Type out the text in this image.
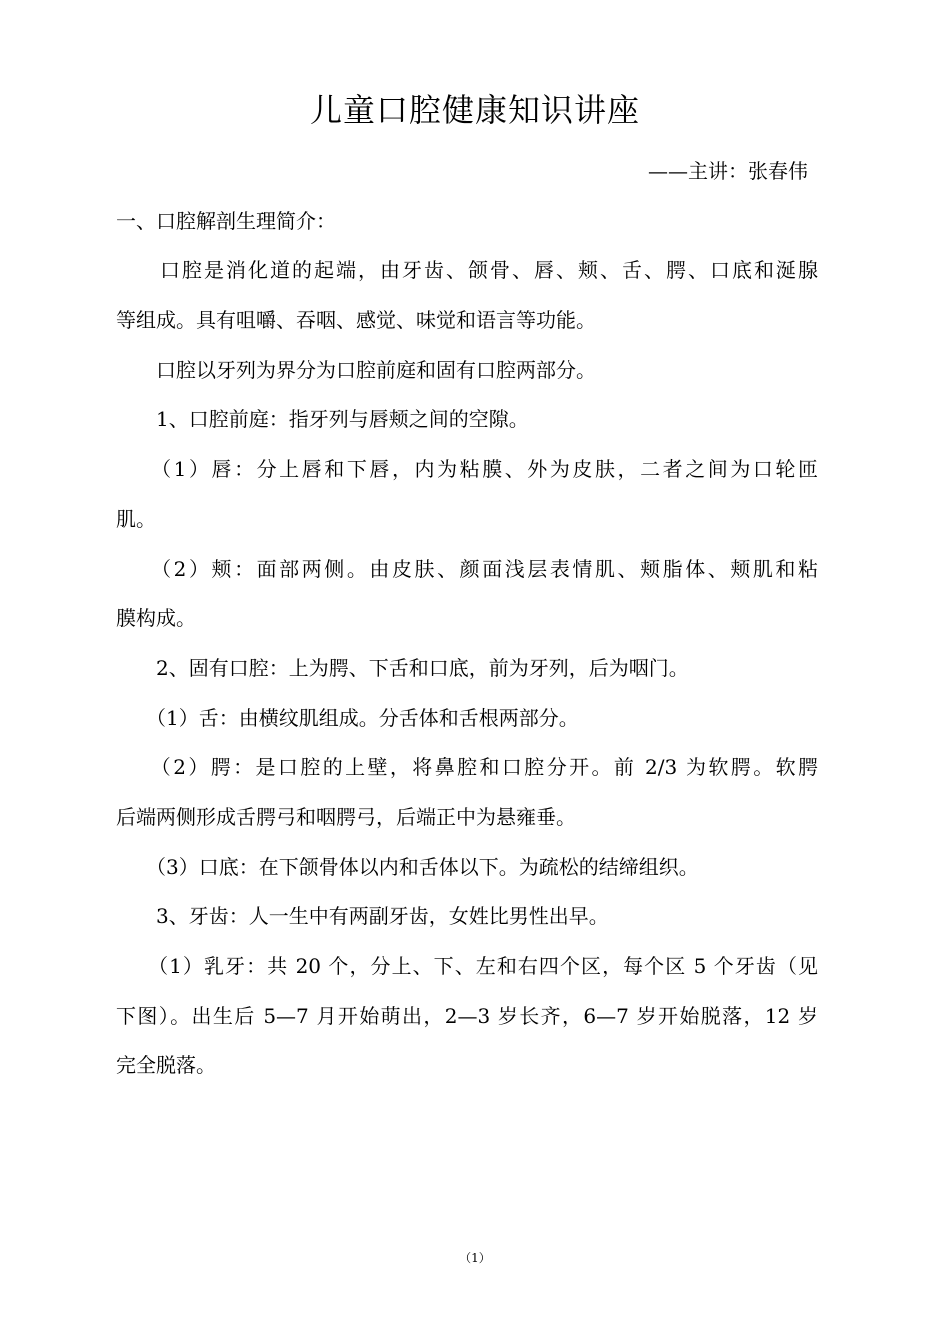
儿童口腔健康知识讲座
——主讲：张春伟
一、口腔解剖生理简介：
　　口腔是消化道的起端，由牙齿、颌骨、唇、颊、舌、腭、口底和涎腺
等组成。具有咀嚼、吞咽、感觉、味觉和语言等功能。
　　口腔以牙列为界分为口腔前庭和固有口腔两部分。
　　1、口腔前庭：指牙列与唇颊之间的空隙。
　　（1）唇：分上唇和下唇，内为粘膜、外为皮肤，二者之间为口轮匝
肌。
　　（2）颊：面部两侧。由皮肤、颜面浅层表情肌、颊脂体、颊肌和粘
膜构成。
　　2、固有口腔：上为腭、下舌和口底，前为牙列，后为咽门。
　　（1）舌：由横纹肌组成。分舌体和舌根两部分。
　　（2）腭：是口腔的上壁，将鼻腔和口腔分开。前 2/3 为软腭。软腭
后端两侧形成舌腭弓和咽腭弓，后端正中为悬雍垂。
　　（3）口底：在下颌骨体以内和舌体以下。为疏松的结缔组织。
　　3、牙齿：人一生中有两副牙齿，女姓比男性出早。
　　（1）乳牙：共 20 个，分上、下、左和右四个区，每个区 5 个牙齿（见
下图）。出生后 5—7 月开始萌出，2—3 岁长齐，6—7 岁开始脱落，12 岁
完全脱落。
（1）
